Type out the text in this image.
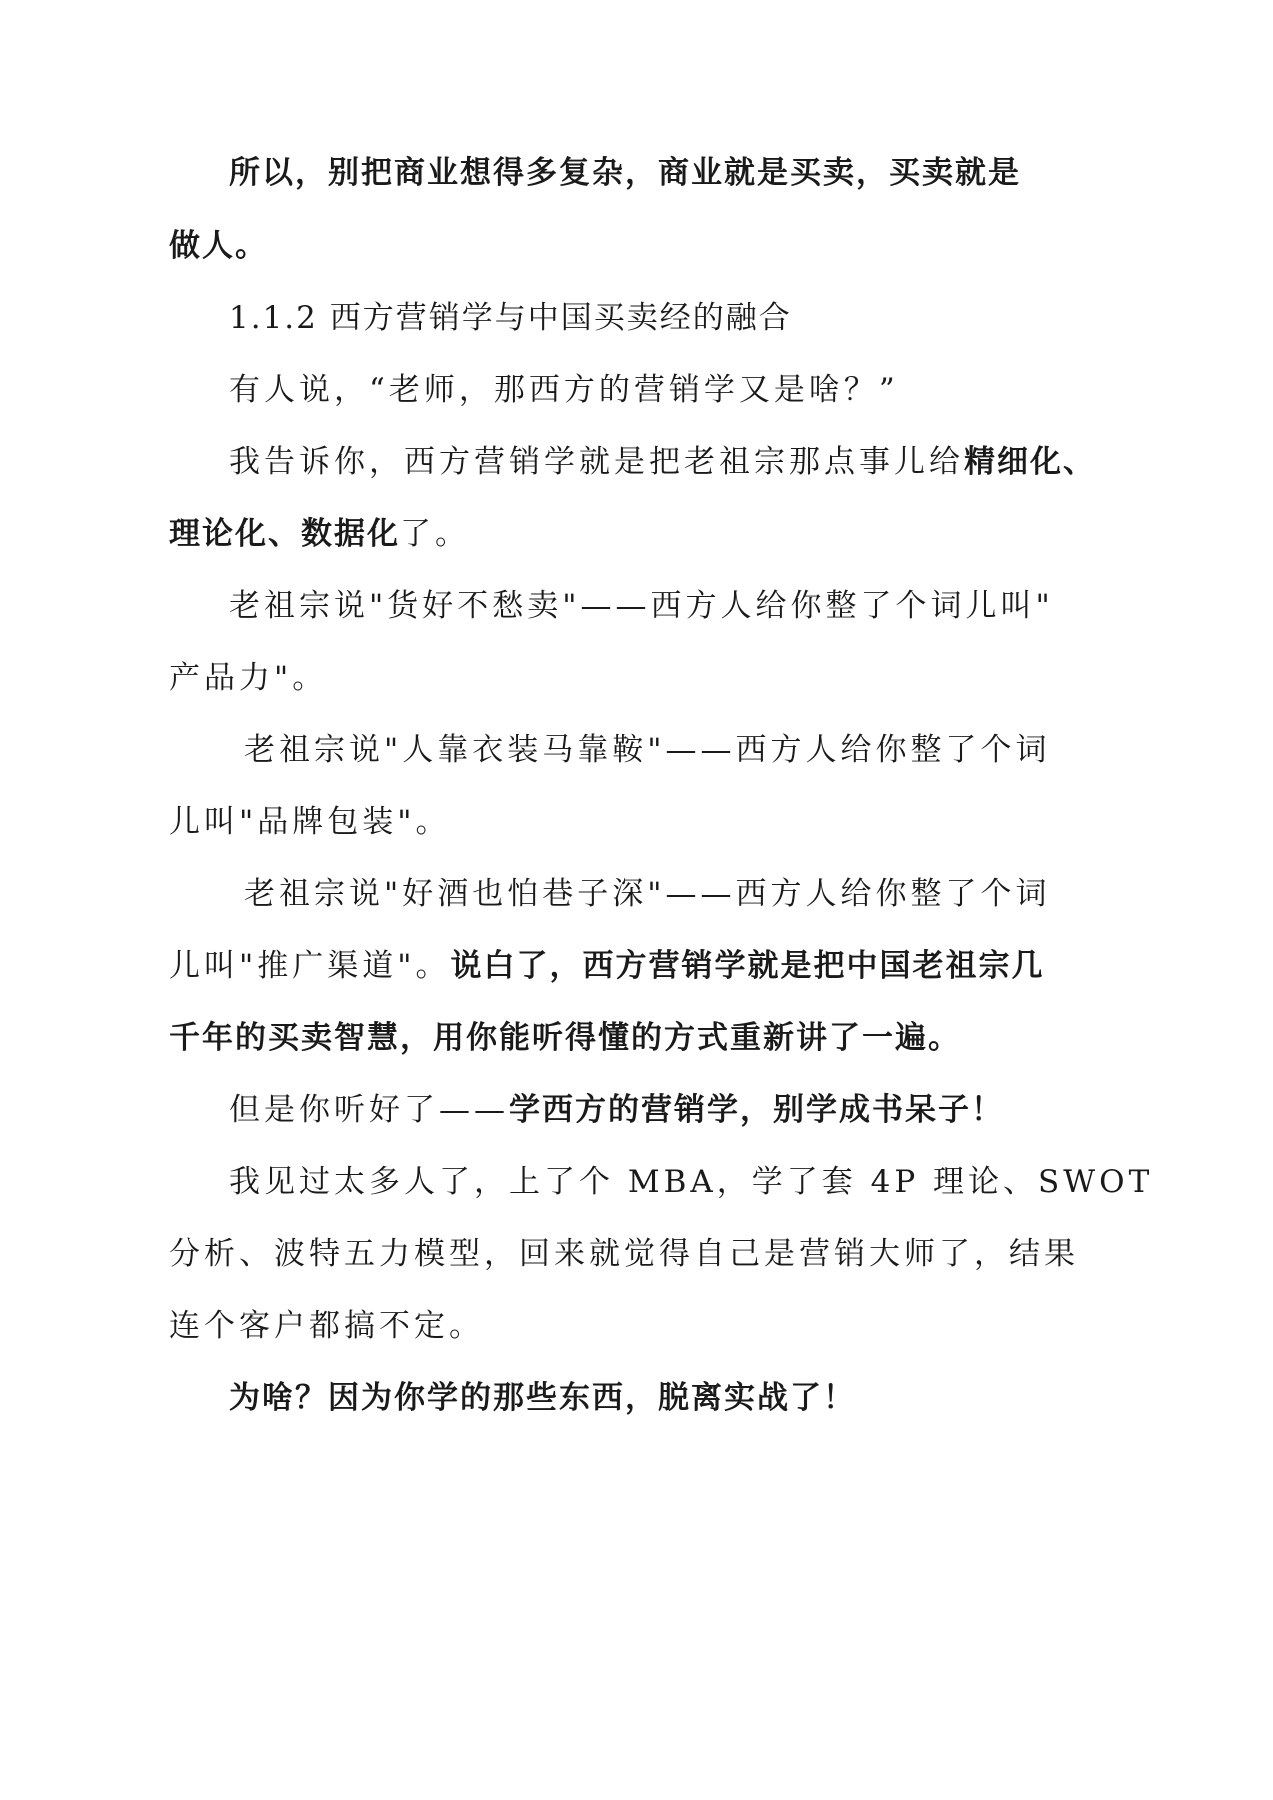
所以，别把商业想得多复杂，商业就是买卖，买卖就是
做人。
1.1.2 西方营销学与中国买卖经的融合
有人说，“老师，那西方的营销学又是啥？”
我告诉你，西方营销学就是把老祖宗那点事儿给精细化、
理论化、数据化了。
老祖宗说"货好不愁卖"——西方人给你整了个词儿叫"
产品力"。
老祖宗说"人靠衣装马靠鞍"——西方人给你整了个词
儿叫"品牌包装"。
老祖宗说"好酒也怕巷子深"——西方人给你整了个词
儿叫"推广渠道"。说白了，西方营销学就是把中国老祖宗几
千年的买卖智慧，用你能听得懂的方式重新讲了一遍。
但是你听好了——学西方的营销学，别学成书呆子！
我见过太多人了，上了个 MBA，学了套 4P 理论、SWOT
分析、波特五力模型，回来就觉得自己是营销大师了，结果
连个客户都搞不定。
为啥？因为你学的那些东西，脱离实战了！
